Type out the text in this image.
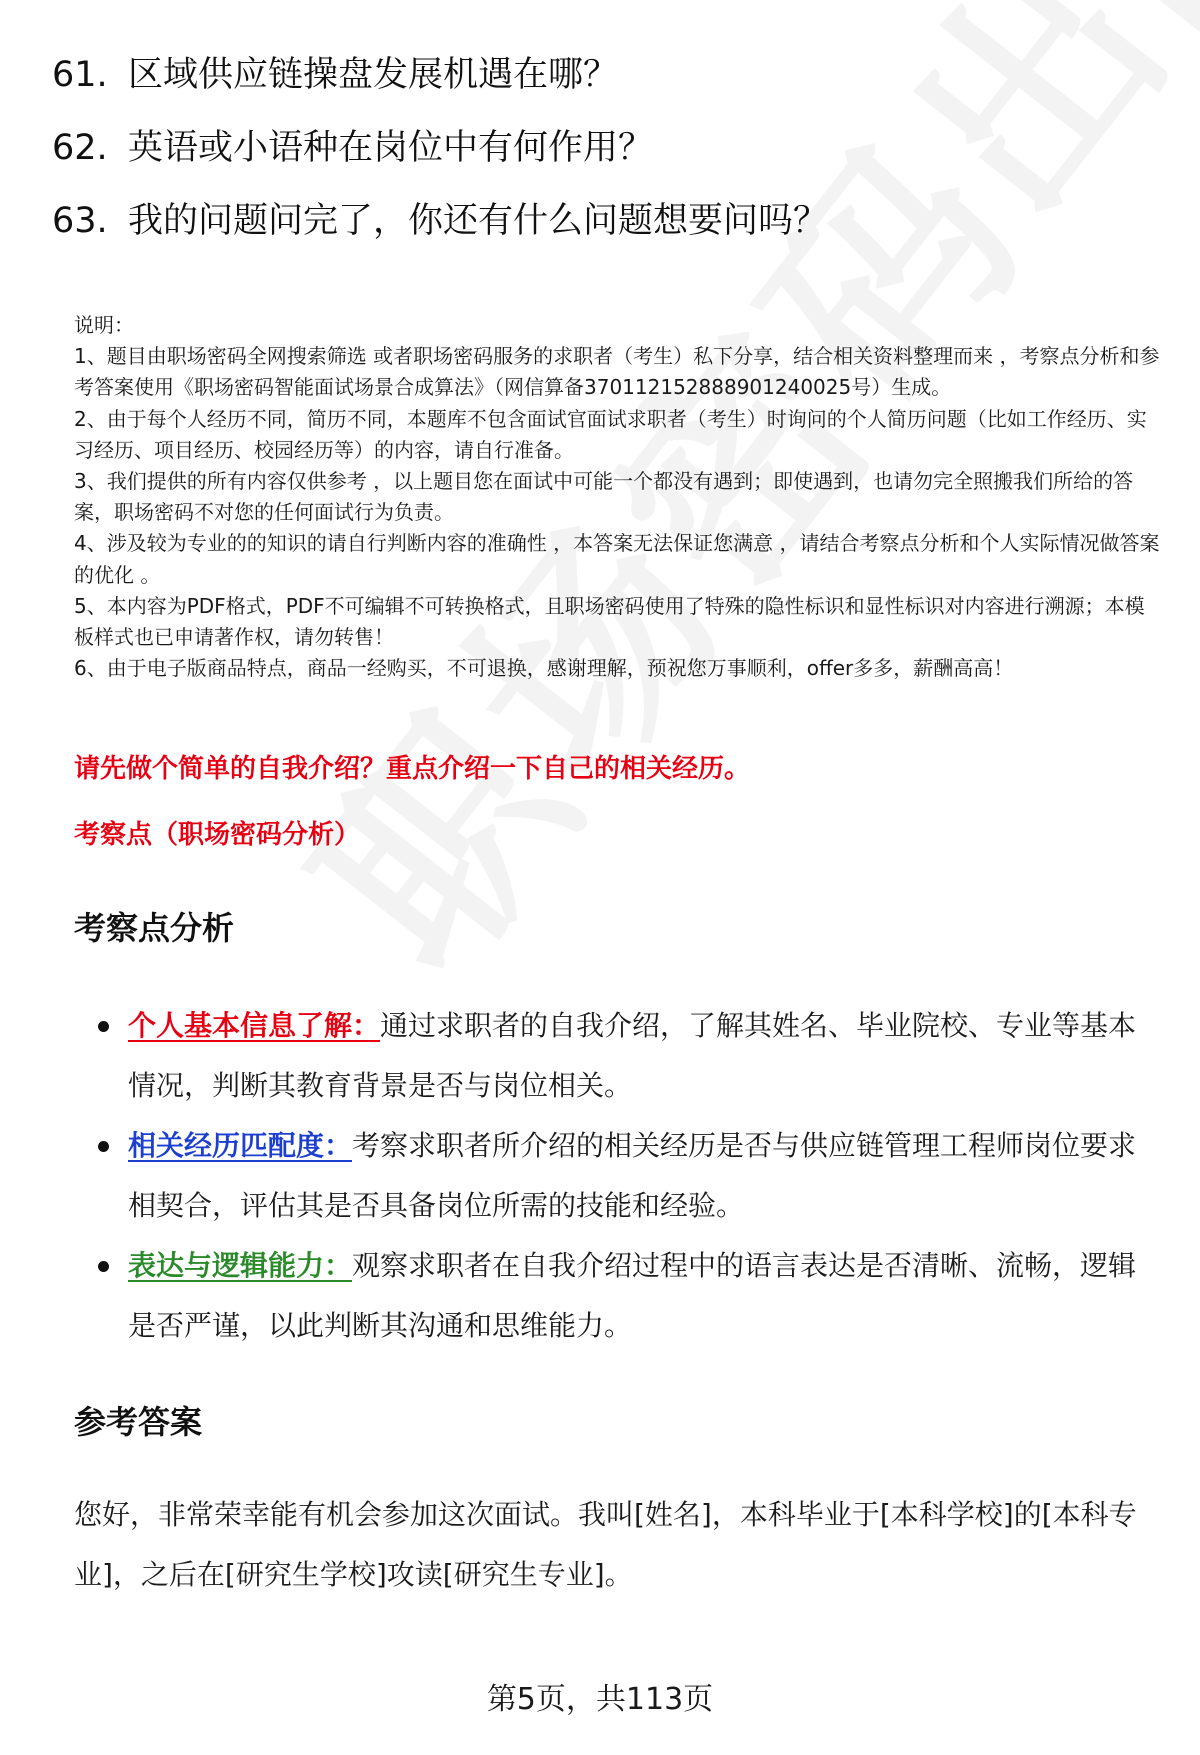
61. 区域供应链操盘发展机遇在哪？
62. 英语或小语种在岗位中有何作用？
63. 我的问题问完了，你还有什么问题想要问吗？

说明：

1、题目由职场密码全网搜索筛选 或者职场密码服务的求职者（考生）私下分享，结合相关资料整理而来 ，考察点分析和参考答案使用《职场密码智能面试场景合成算法》（网信算备370112152888901240025号）生成。

2、由于每个人经历不同，简历不同，本题库不包含面试官面试求职者（考生）时询问的个人简历问题（比如工作经历、实习经历、项目经历、校园经历等）的内容，请自行准备。

3、我们提供的所有内容仅供参考 ，以上题目您在面试中可能一个都没有遇到；即使遇到，也请勿完全照搬我们所给的答案，职场密码不对您的任何面试行为负责。

4、涉及较为专业的的知识的请自行判断内容的准确性 ，本答案无法保证您满意 ，请结合考察点分析和个人实际情况做答案的优化 。

5、本内容为PDF格式，PDF不可编辑不可转换格式，且职场密码使用了特殊的隐性标识和显性标识对内容进行溯源；本模板样式也已申请著作权，请勿转售！

6、由于电子版商品特点，商品一经购买，不可退换，感谢理解，预祝您万事顺利，offer多多，薪酬高高！

请先做个简单的自我介绍？重点介绍一下自己的相关经历。
考察点（职场密码分析）
考察点分析
个人基本信息了解：通过求职者的自我介绍，了解其姓名、毕业院校、专业等基本情况，判断其教育背景是否与岗位相关。
相关经历匹配度：考察求职者所介绍的相关经历是否与供应链管理工程师岗位要求相契合，评估其是否具备岗位所需的技能和经验。
表达与逻辑能力：观察求职者在自我介绍过程中的语言表达是否清晰、流畅，逻辑是否严谨，以此判断其沟通和思维能力。
参考答案
您好，非常荣幸能有机会参加这次面试。我叫[姓名]，本科毕业于[本科学校]的[本科专业]，之后在[研究生学校]攻读[研究生专业]。
第5页，共113页
